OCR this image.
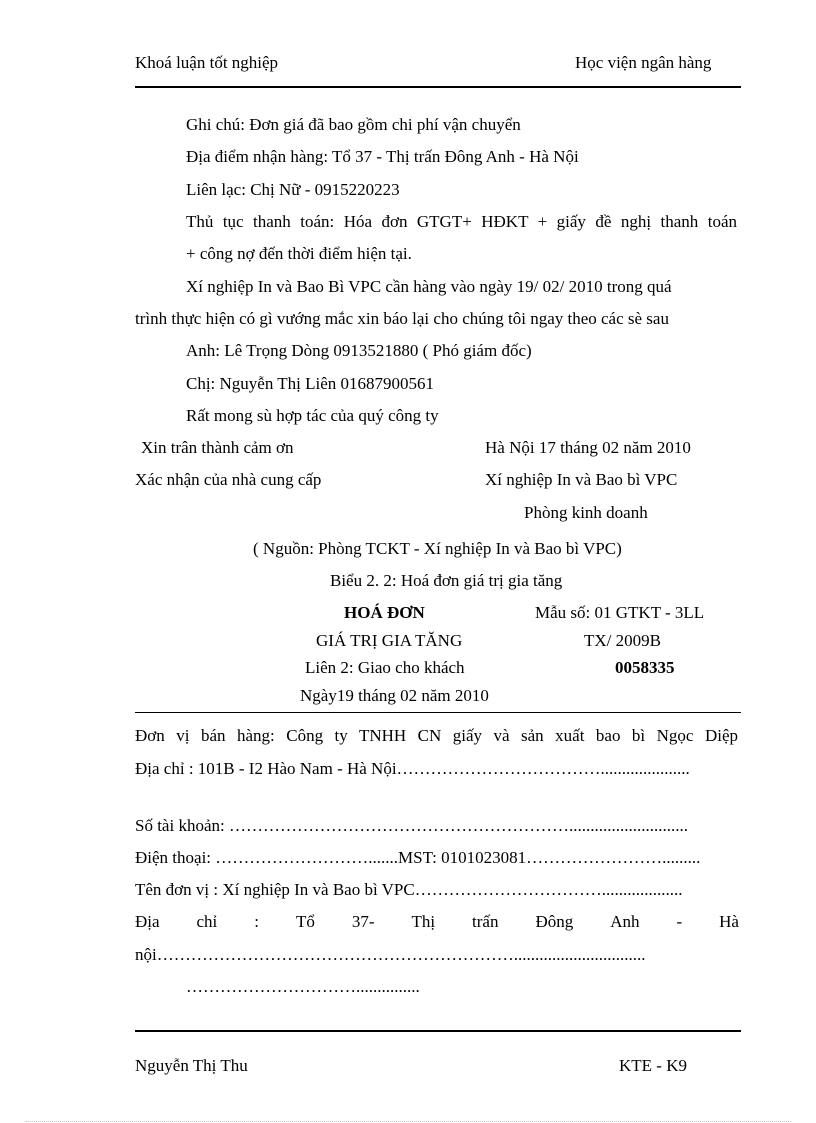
Khoá luận tốt nghiệp	Học viện ngân hàng
Ghi chú: Đơn giá đã bao gồm chi phí vận chuyển
Địa điểm nhận hàng: Tổ 37 - Thị trấn Đông Anh - Hà Nội
Liên lạc: Chị Nữ - 0915220223
Thủ tục thanh toán: Hóa đơn GTGT+ HĐKT + giấy đề nghị thanh toán
+ công nợ đến thời điểm hiện tại.
Xí nghiệp In và Bao Bì VPC cần hàng vào ngày 19/ 02/ 2010 trong quá
trình thực hiện có gì vướng mắc xin báo lại cho chúng tôi ngay theo các sè sau
Anh: Lê Trọng Dòng 0913521880 ( Phó giám đốc)
Chị: Nguyễn Thị Liên 01687900561
Rất mong sù hợp tác của quý công ty
Xin trân thành cảm ơn	Hà Nội 17 tháng 02 năm 2010
Xác nhận của nhà cung cấp	Xí nghiệp In và Bao bì VPC
Phòng kinh doanh
( Nguồn: Phòng TCKT - Xí nghiệp In và Bao bì VPC)
Biểu 2. 2: Hoá đơn giá trị gia tăng
HOÁ ĐƠN	Mẫu số: 01 GTKT - 3LL
GIÁ TRỊ GIA TĂNG	TX/ 2009B
Liên 2: Giao cho khách	0058335
Ngày19 tháng 02 năm 2010
Đơn vị bán hàng: Công ty TNHH CN giấy và sản xuất bao bì Ngọc Diệp
Địa chỉ : 101B - I2 Hào Nam - Hà Nội……………………………….....................
Số tài khoản: ……………………………………………………............................
Điện thoại: ……………………….......MST: 0101023081…………………….........
Tên đơn vị : Xí nghiệp In và Bao bì VPC……………………………...................
Địa chỉ : Tổ 37- Thị trấn Đông Anh - Hà
nội………………………………………………………...............................
…………………………...............
Nguyễn Thị Thu	KTE - K9
